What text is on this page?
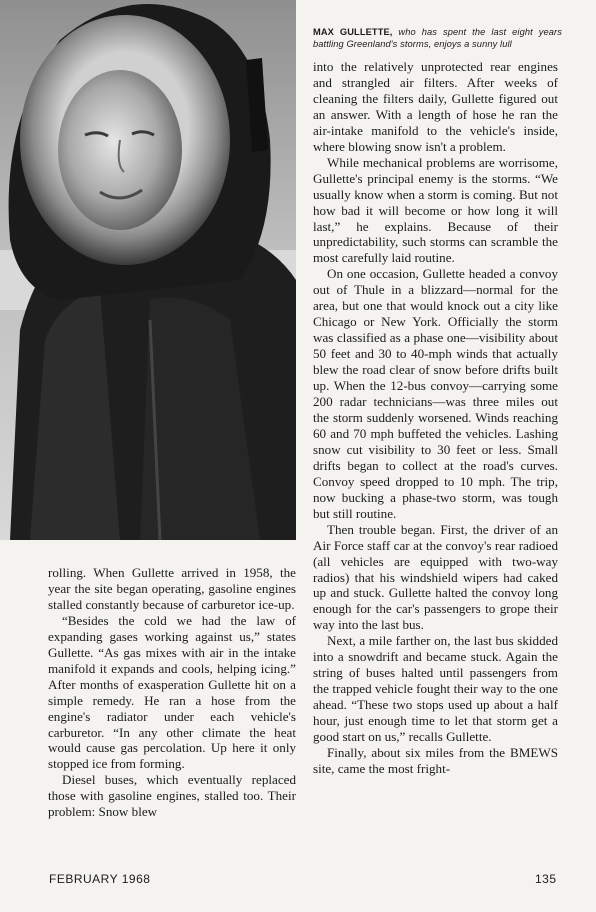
MAX GULLETTE, who has spent the last eight years battling Greenland's storms, enjoys a sunny lull

rolling. When Gullette arrived in 1958, the year the site began operating, gasoline engines stalled constantly because of carburetor ice-up.

“Besides the cold we had the law of expanding gases working against us,” states Gullette. “As gas mixes with air in the intake manifold it expands and cools, helping icing.” After months of exasperation Gullette hit on a simple remedy. He ran a hose from the engine's radiator under each vehicle's carburetor. “In any other climate the heat would cause gas percolation. Up here it only stopped ice from forming.

Diesel buses, which eventually replaced those with gasoline engines, stalled too. Their problem: Snow blew

into the relatively unprotected rear engines and strangled air filters. After weeks of cleaning the filters daily, Gullette figured out an answer. With a length of hose he ran the air-intake manifold to the vehicle's inside, where blowing snow isn't a problem.

While mechanical problems are worrisome, Gullette's principal enemy is the storms. “We usually know when a storm is coming. But not how bad it will become or how long it will last,” he explains. Because of their unpredictability, such storms can scramble the most carefully laid routine.

On one occasion, Gullette headed a convoy out of Thule in a blizzard—normal for the area, but one that would knock out a city like Chicago or New York. Officially the storm was classified as a phase one—visibility about 50 feet and 30 to 40-mph winds that actually blew the road clear of snow before drifts built up. When the 12-bus convoy—carrying some 200 radar technicians—was three miles out the storm suddenly worsened. Winds reaching 60 and 70 mph buffeted the vehicles. Lashing snow cut visibility to 30 feet or less. Small drifts began to collect at the road's curves. Convoy speed dropped to 10 mph. The trip, now bucking a phase-two storm, was tough but still routine.

Then trouble began. First, the driver of an Air Force staff car at the convoy's rear radioed (all vehicles are equipped with two-way radios) that his windshield wipers had caked up and stuck. Gullette halted the convoy long enough for the car's passengers to grope their way into the last bus.

Next, a mile farther on, the last bus skidded into a snowdrift and became stuck. Again the string of buses halted until passengers from the trapped vehicle fought their way to the one ahead. “These two stops used up about a half hour, just enough time to let that storm get a good start on us,” recalls Gullette.

Finally, about six miles from the BMEWS site, came the most fright-

FEBRUARY 1968	135
